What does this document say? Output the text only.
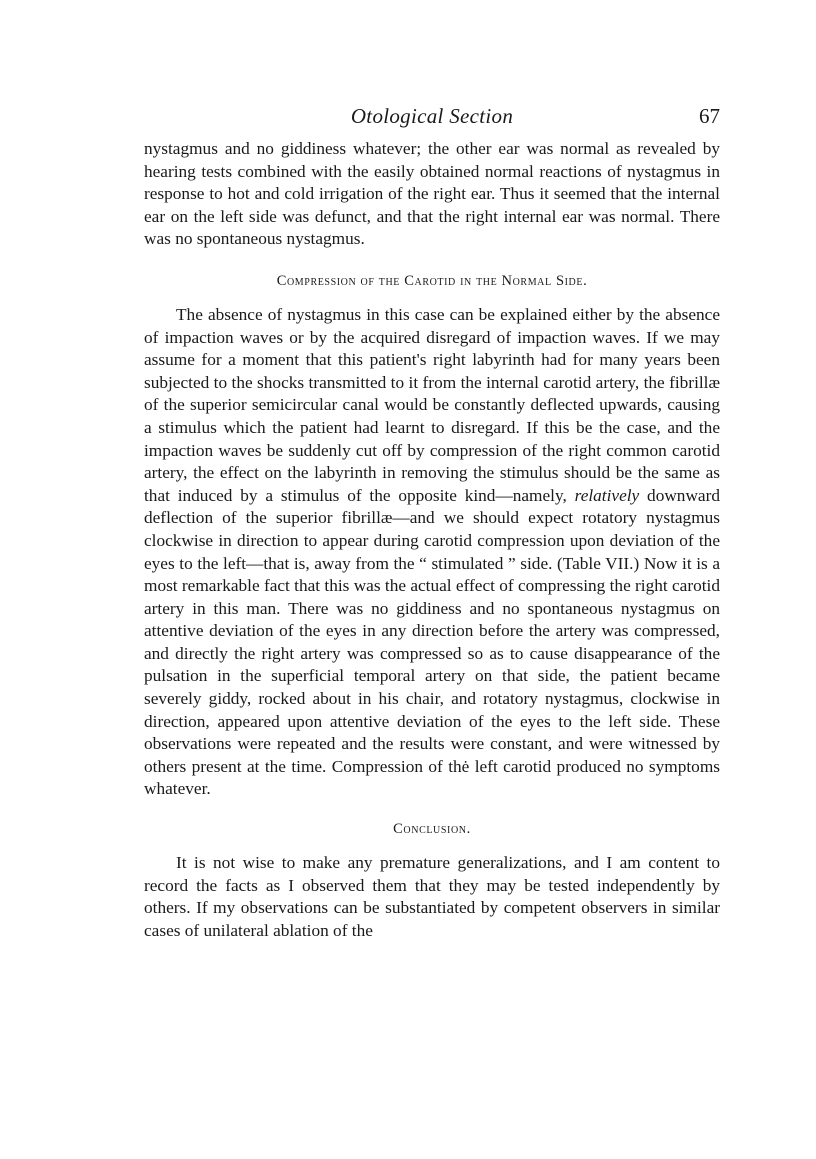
Otological Section	67

nystagmus and no giddiness whatever; the other ear was normal as revealed by hearing tests combined with the easily obtained normal reactions of nystagmus in response to hot and cold irrigation of the right ear. Thus it seemed that the internal ear on the left side was defunct, and that the right internal ear was normal. There was no spontaneous nystagmus.

Compression of the Carotid in the Normal Side.

The absence of nystagmus in this case can be explained either by the absence of impaction waves or by the acquired disregard of impaction waves. If we may assume for a moment that this patient's right labyrinth had for many years been subjected to the shocks transmitted to it from the internal carotid artery, the fibrillæ of the superior semicircular canal would be constantly deflected upwards, causing a stimulus which the patient had learnt to disregard. If this be the case, and the impaction waves be suddenly cut off by compression of the right common carotid artery, the effect on the labyrinth in removing the stimulus should be the same as that induced by a stimulus of the opposite kind—namely, relatively downward deflection of the superior fibrillæ—and we should expect rotatory nystagmus clockwise in direction to appear during carotid compression upon deviation of the eyes to the left—that is, away from the “ stimulated ” side. (Table VII.) Now it is a most remarkable fact that this was the actual effect of compressing the right carotid artery in this man. There was no giddiness and no spontaneous nystagmus on attentive deviation of the eyes in any direction before the artery was compressed, and directly the right artery was compressed so as to cause disappearance of the pulsation in the superficial temporal artery on that side, the patient became severely giddy, rocked about in his chair, and rotatory nystagmus, clockwise in direction, appeared upon attentive deviation of the eyes to the left side. These observations were repeated and the results were constant, and were witnessed by others present at the time. Compression of thė left carotid produced no symptoms whatever.

Conclusion.

It is not wise to make any premature generalizations, and I am content to record the facts as I observed them that they may be tested independently by others. If my observations can be substantiated by competent observers in similar cases of unilateral ablation of the
